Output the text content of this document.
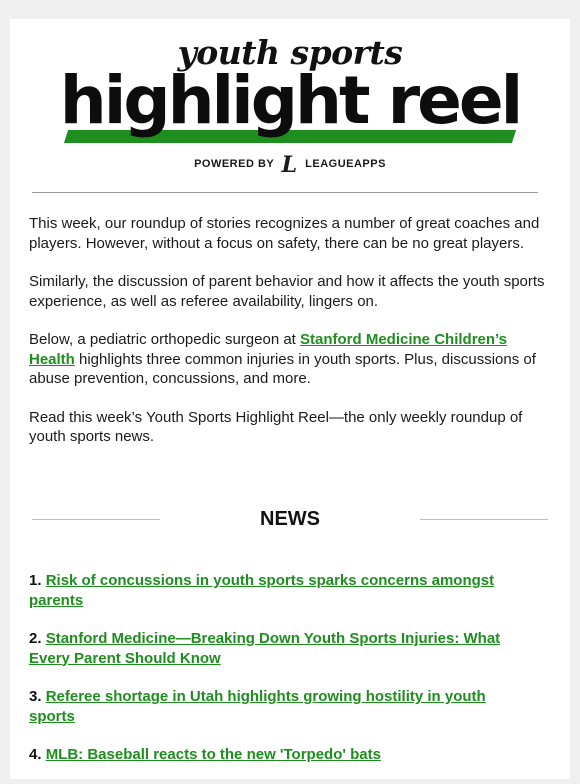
youth sports
highlight reel
POWERED BY L LEAGUEAPPS

This week, our roundup of stories recognizes a number of great coaches and players. However, without a focus on safety, there can be no great players.

Similarly, the discussion of parent behavior and how it affects the youth sports experience, as well as referee availability, lingers on.

Below, a pediatric orthopedic surgeon at Stanford Medicine Children’s Health highlights three common injuries in youth sports. Plus, discussions of abuse prevention, concussions, and more.

Read this week’s Youth Sports Highlight Reel—the only weekly roundup of youth sports news.

NEWS
1. Risk of concussions in youth sports sparks concerns amongst parents
2. Stanford Medicine—Breaking Down Youth Sports Injuries: What Every Parent Should Know
3. Referee shortage in Utah highlights growing hostility in youth sports
4. MLB: Baseball reacts to the new 'Torpedo' bats
